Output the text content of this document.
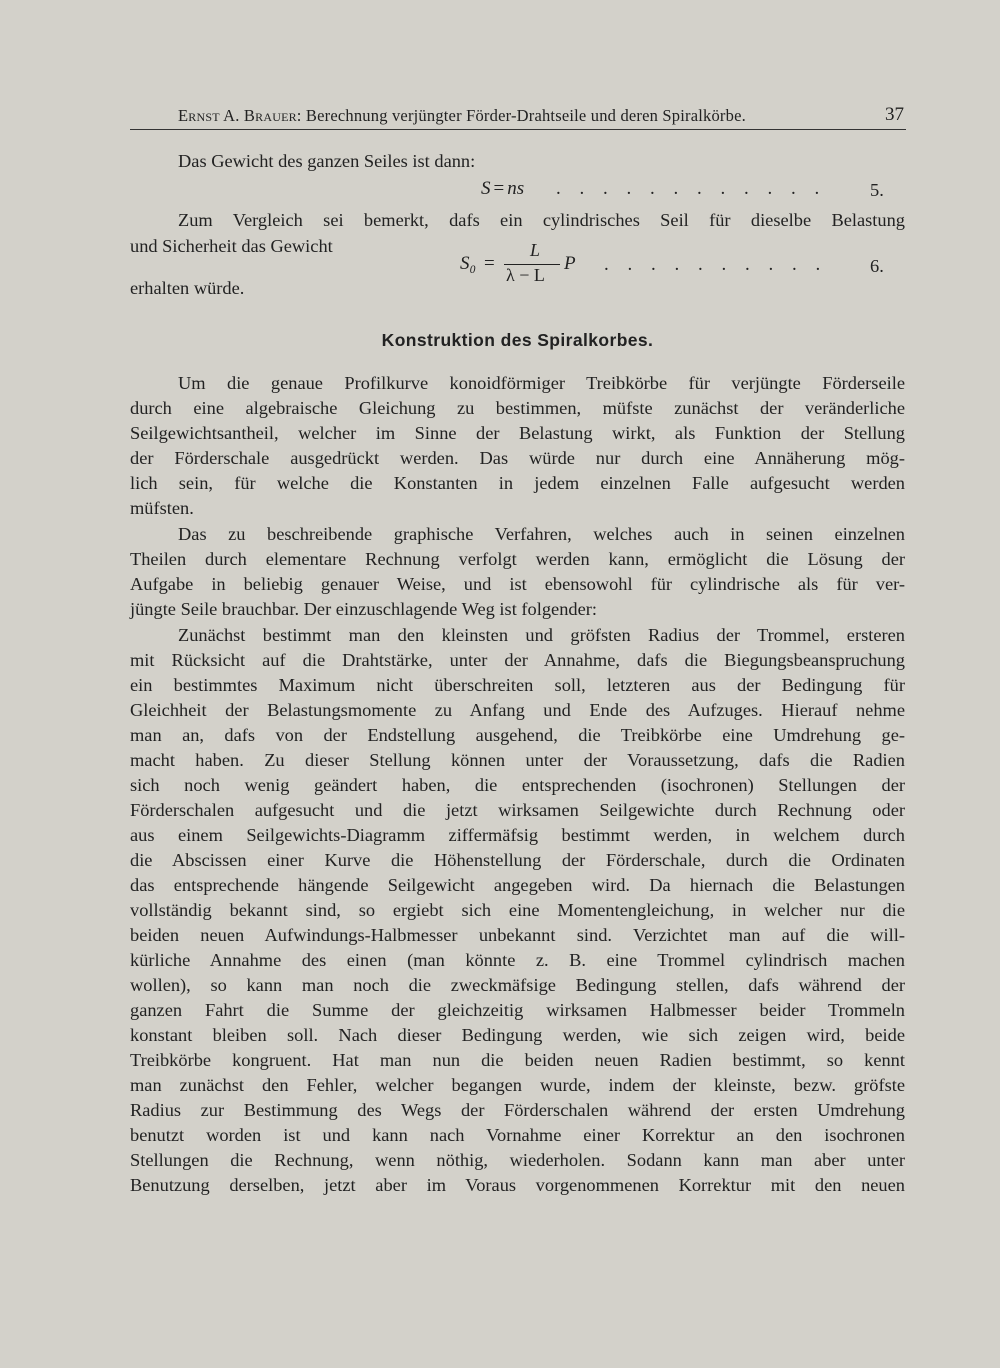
Ernst A. Brauer: Berechnung verjüngter Förder-Drahtseile und deren Spiralkörbe.	37
Das Gewicht des ganzen Seiles ist dann:
S = ns . . . . . . . . . . . . 5.
Zum Vergleich sei bemerkt, dafs ein cylindrisches Seil für dieselbe Belastung
und Sicherheit das Gewicht
S₀ =
L
λ − L
P . . . . . . . . . . 6.
erhalten würde.
Konstruktion des Spiralkorbes.
Um die genaue Profilkurve konoidförmiger Treibkörbe für verjüngte Förderseile
durch eine algebraische Gleichung zu bestimmen, müfste zunächst der veränderliche
Seilgewichtsantheil, welcher im Sinne der Belastung wirkt, als Funktion der Stellung
der Förderschale ausgedrückt werden. Das würde nur durch eine Annäherung mög-
lich sein, für welche die Konstanten in jedem einzelnen Falle aufgesucht werden
müfsten.
Das zu beschreibende graphische Verfahren, welches auch in seinen einzelnen
Theilen durch elementare Rechnung verfolgt werden kann, ermöglicht die Lösung der
Aufgabe in beliebig genauer Weise, und ist ebensowohl für cylindrische als für ver-
jüngte Seile brauchbar. Der einzuschlagende Weg ist folgender:
Zunächst bestimmt man den kleinsten und gröfsten Radius der Trommel, ersteren
mit Rücksicht auf die Drahtstärke, unter der Annahme, dafs die Biegungsbeanspruchung
ein bestimmtes Maximum nicht überschreiten soll, letzteren aus der Bedingung für
Gleichheit der Belastungsmomente zu Anfang und Ende des Aufzuges. Hierauf nehme
man an, dafs von der Endstellung ausgehend, die Treibkörbe eine Umdrehung ge-
macht haben. Zu dieser Stellung können unter der Voraussetzung, dafs die Radien
sich noch wenig geändert haben, die entsprechenden (isochronen) Stellungen der
Förderschalen aufgesucht und die jetzt wirksamen Seilgewichte durch Rechnung oder
aus einem Seilgewichts-Diagramm ziffermäfsig bestimmt werden, in welchem durch
die Abscissen einer Kurve die Höhenstellung der Förderschale, durch die Ordinaten
das entsprechende hängende Seilgewicht angegeben wird. Da hiernach die Belastungen
vollständig bekannt sind, so ergiebt sich eine Momentengleichung, in welcher nur die
beiden neuen Aufwindungs-Halbmesser unbekannt sind. Verzichtet man auf die will-
kürliche Annahme des einen (man könnte z. B. eine Trommel cylindrisch machen
wollen), so kann man noch die zweckmäfsige Bedingung stellen, dafs während der
ganzen Fahrt die Summe der gleichzeitig wirksamen Halbmesser beider Trommeln
konstant bleiben soll. Nach dieser Bedingung werden, wie sich zeigen wird, beide
Treibkörbe kongruent. Hat man nun die beiden neuen Radien bestimmt, so kennt
man zunächst den Fehler, welcher begangen wurde, indem der kleinste, bezw. gröfste
Radius zur Bestimmung des Wegs der Förderschalen während der ersten Umdrehung
benutzt worden ist und kann nach Vornahme einer Korrektur an den isochronen
Stellungen die Rechnung, wenn nöthig, wiederholen. Sodann kann man aber unter
Benutzung derselben, jetzt aber im Voraus vorgenommenen Korrektur mit den neuen
